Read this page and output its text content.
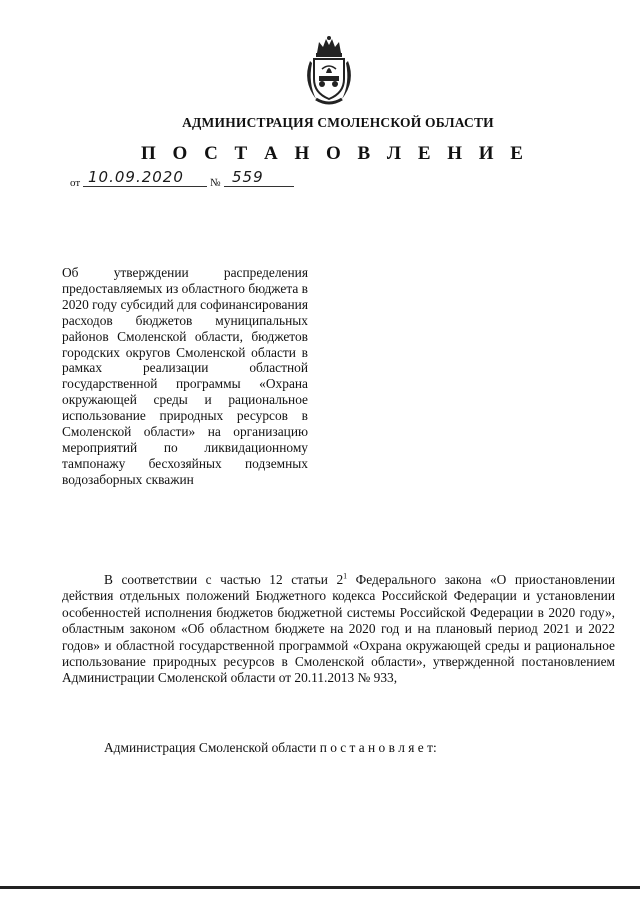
АДМИНИСТРАЦИЯ СМОЛЕНСКОЙ ОБЛАСТИ
П О С Т А Н О В Л Е Н И Е
от 10.09.2020 № 559

Об утверждении распределения предоставляемых из областного бюджета в 2020 году субсидий для софинансирования расходов бюджетов муниципальных районов Смоленской области, бюджетов городских округов Смоленской области в рамках реализации областной государственной программы «Охрана окружающей среды и рациональное использование природных ресурсов в Смоленской области» на организацию мероприятий по ликвидационному тампонажу бесхозяйных подземных водозаборных скважин

В соответствии с частью 12 статьи $2^1$ Федерального закона «О приостановлении действия отдельных положений Бюджетного кодекса Российской Федерации и установлении особенностей исполнения бюджетов бюджетной системы Российской Федерации в 2020 году», областным законом «Об областном бюджете на 2020 год и на плановый период 2021 и 2022 годов» и областной государственной программой «Охрана окружающей среды и рациональное использование природных ресурсов в Смоленской области», утвержденной постановлением Администрации Смоленской области от 20.11.2013 № 933,

Администрация Смоленской области п о с т а н о в л я е т:
